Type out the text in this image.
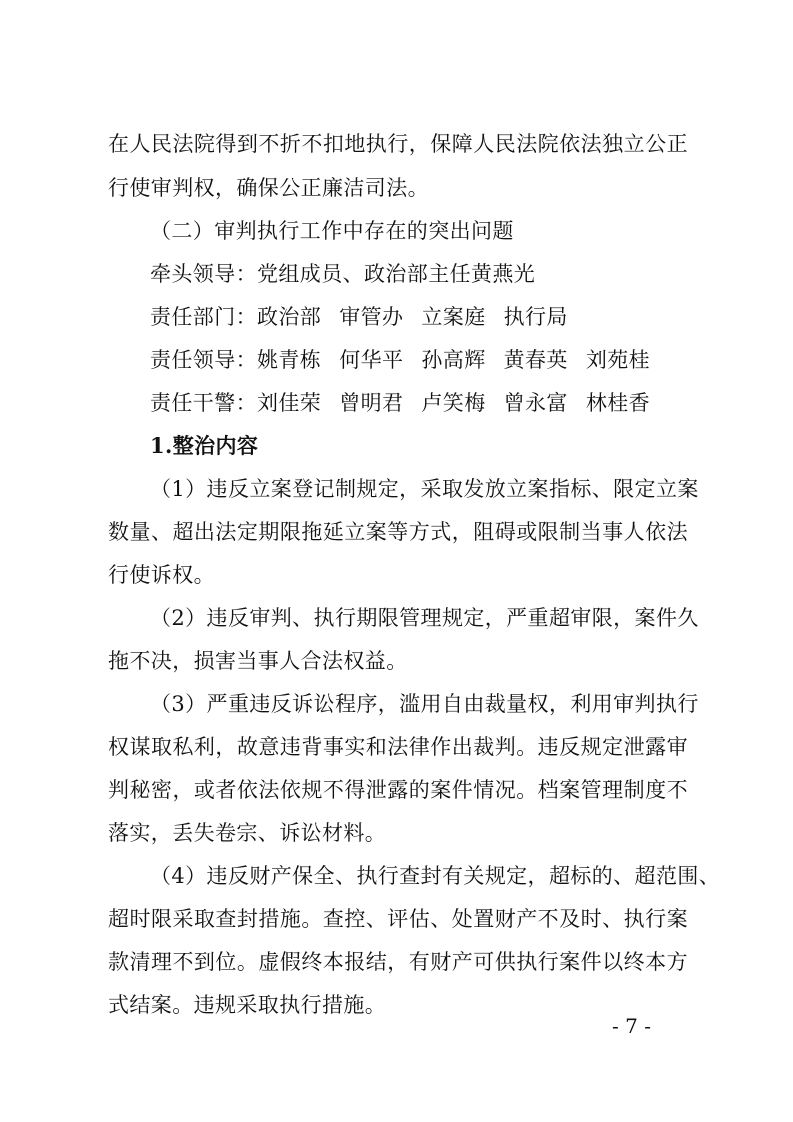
在人民法院得到不折不扣地执行，保障人民法院依法独立公正
行使审判权，确保公正廉洁司法。
（二）审判执行工作中存在的突出问题
牵头领导：党组成员、政治部主任黄燕光
责任部门：政治部 审管办 立案庭 执行局
责任领导：姚青栋 何华平 孙高辉 黄春英 刘苑桂
责任干警：刘佳荣 曾明君 卢笑梅 曾永富 林桂香
1.整治内容
（1）违反立案登记制规定，采取发放立案指标、限定立案
数量、超出法定期限拖延立案等方式，阻碍或限制当事人依法
行使诉权。
（2）违反审判、执行期限管理规定，严重超审限，案件久
拖不决，损害当事人合法权益。
（3）严重违反诉讼程序，滥用自由裁量权，利用审判执行
权谋取私利，故意违背事实和法律作出裁判。违反规定泄露审
判秘密，或者依法依规不得泄露的案件情况。档案管理制度不
落实，丢失卷宗、诉讼材料。
（4）违反财产保全、执行查封有关规定，超标的、超范围、
超时限采取查封措施。查控、评估、处置财产不及时、执行案
款清理不到位。虚假终本报结，有财产可供执行案件以终本方
式结案。违规采取执行措施。
- 7 -
